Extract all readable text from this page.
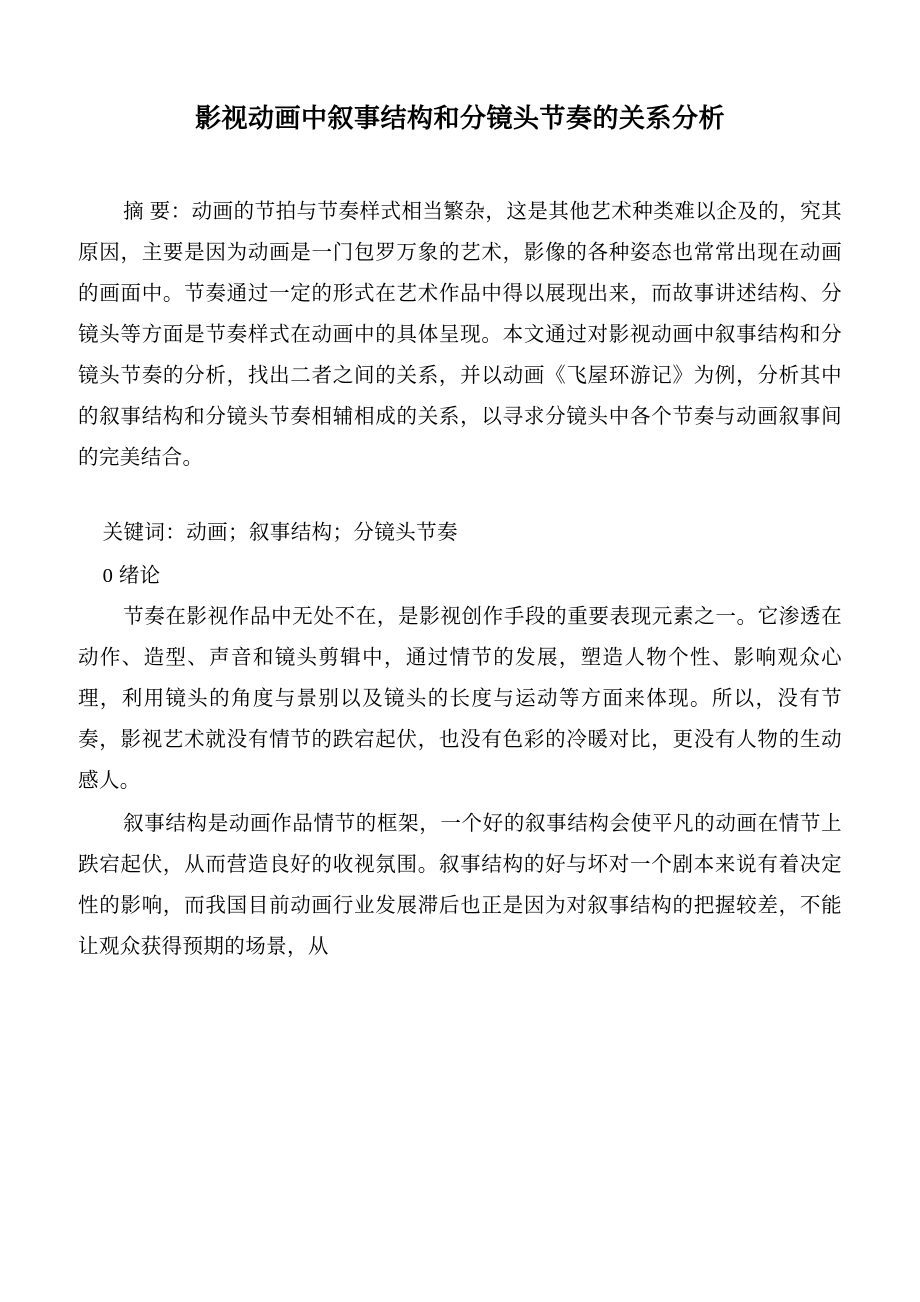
影视动画中叙事结构和分镜头节奏的关系分析

摘 要：动画的节拍与节奏样式相当繁杂，这是其他艺术种类难以企及的，究其原因，主要是因为动画是一门包罗万象的艺术，影像的各种姿态也常常出现在动画的画面中。节奏通过一定的形式在艺术作品中得以展现出来，而故事讲述结构、分镜头等方面是节奏样式在动画中的具体呈现。本文通过对影视动画中叙事结构和分镜头节奏的分析，找出二者之间的关系，并以动画《飞屋环游记》为例，分析其中的叙事结构和分镜头节奏相辅相成的关系，以寻求分镜头中各个节奏与动画叙事间的完美结合。

关键词：动画；叙事结构；分镜头节奏

0 绪论

节奏在影视作品中无处不在，是影视创作手段的重要表现元素之一。它渗透在动作、造型、声音和镜头剪辑中，通过情节的发展，塑造人物个性、影响观众心理，利用镜头的角度与景别以及镜头的长度与运动等方面来体现。所以，没有节奏，影视艺术就没有情节的跌宕起伏，也没有色彩的冷暖对比，更没有人物的生动感人。

叙事结构是动画作品情节的框架，一个好的叙事结构会使平凡的动画在情节上跌宕起伏，从而营造良好的收视氛围。叙事结构的好与坏对一个剧本来说有着决定性的影响，而我国目前动画行业发展滞后也正是因为对叙事结构的把握较差，不能让观众获得预期的场景，从
